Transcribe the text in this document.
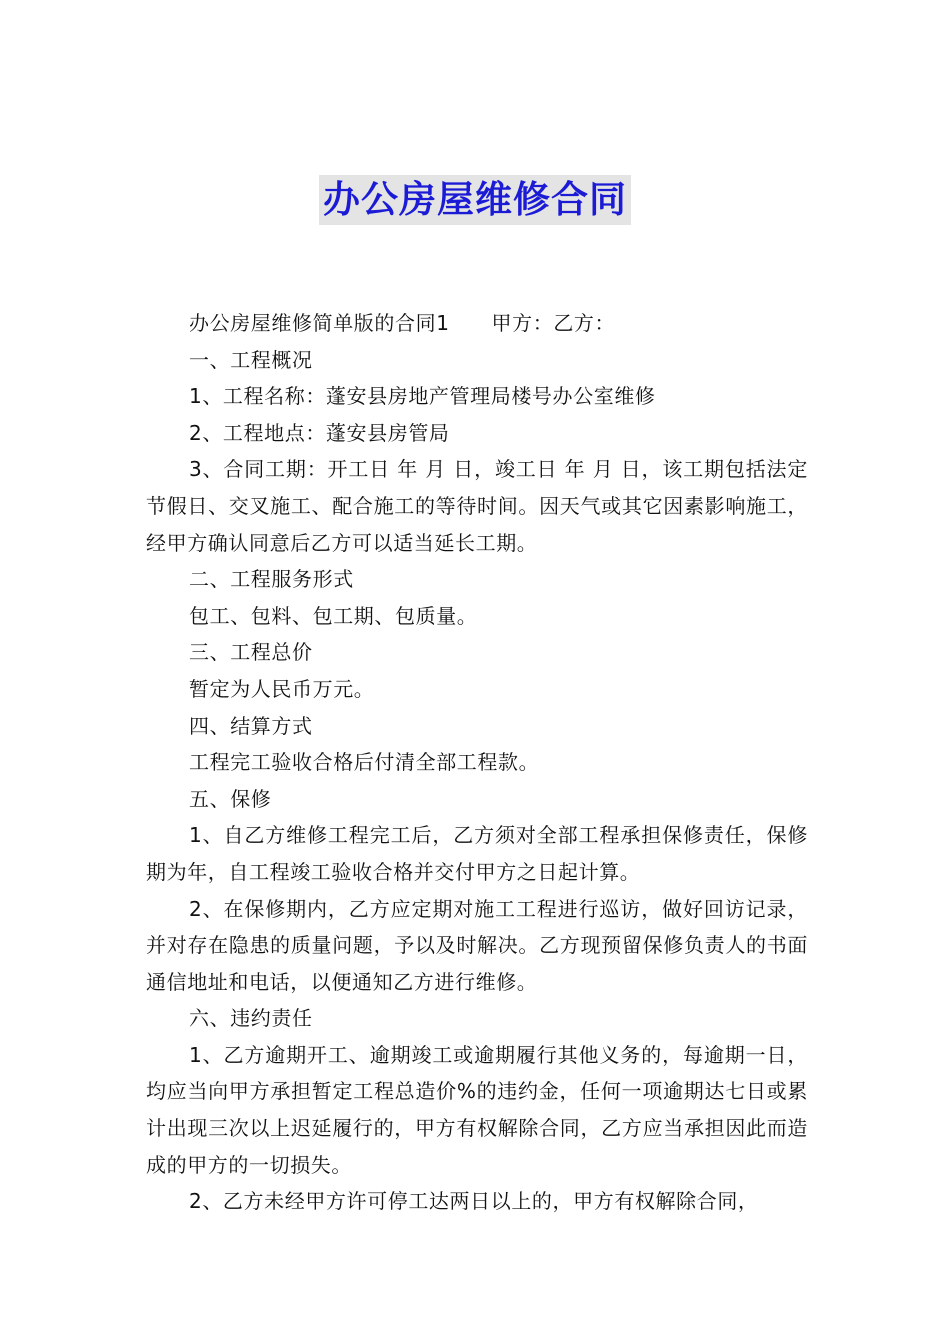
办公房屋维修合同

办公房屋维修简单版的合同1 甲方：乙方：

一、工程概况

1、工程名称：蓬安县房地产管理局楼号办公室维修

2、工程地点：蓬安县房管局

3、合同工期：开工日 年 月 日，竣工日 年 月 日，该工期包括法定节假日、交叉施工、配合施工的等待时间。因天气或其它因素影响施工，经甲方确认同意后乙方可以适当延长工期。

二、工程服务形式

包工、包料、包工期、包质量。

三、工程总价

暂定为人民币万元。

四、结算方式

工程完工验收合格后付清全部工程款。

五、保修

1、自乙方维修工程完工后，乙方须对全部工程承担保修责任，保修期为年，自工程竣工验收合格并交付甲方之日起计算。

2、在保修期内，乙方应定期对施工工程进行巡访，做好回访记录，并对存在隐患的质量问题，予以及时解决。乙方现预留保修负责人的书面通信地址和电话，以便通知乙方进行维修。

六、违约责任

1、乙方逾期开工、逾期竣工或逾期履行其他义务的，每逾期一日，均应当向甲方承担暂定工程总造价%的违约金，任何一项逾期达七日或累计出现三次以上迟延履行的，甲方有权解除合同，乙方应当承担因此而造成的甲方的一切损失。

2、乙方未经甲方许可停工达两日以上的，甲方有权解除合同，
